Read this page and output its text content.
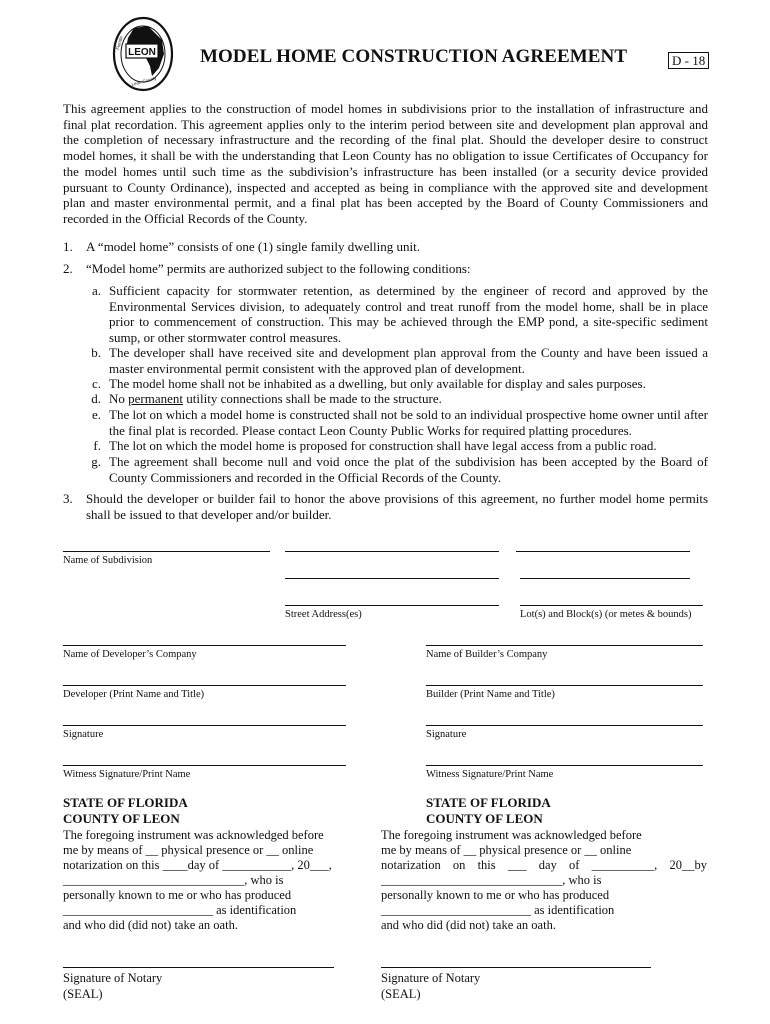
LEON
Florida
Leon County
MODEL HOME CONSTRUCTION AGREEMENT	D - 18

This agreement applies to the construction of model homes in subdivisions prior to the installation of infrastructure and final plat recordation. This agreement applies only to the interim period between site and development plan approval and the completion of necessary infrastructure and the recording of the final plat. Should the developer desire to construct model homes, it shall be with the understanding that Leon County has no obligation to issue Certificates of Occupancy for the model homes until such time as the subdivision’s infrastructure has been installed (or a security device provided pursuant to County Ordinance), inspected and accepted as being in compliance with the approved site and development plan and master environmental permit, and a final plat has been accepted by the Board of County Commissioners and recorded in the Official Records of the County.

1. A “model home” consists of one (1) single family dwelling unit.
2. “Model home” permits are authorized subject to the following conditions:
a. Sufficient capacity for stormwater retention, as determined by the engineer of record and approved by the Environmental Services division, to adequately control and treat runoff from the model home, shall be in place prior to commencement of construction. This may be achieved through the EMP pond, a site-specific sediment sump, or other stormwater control measures.
b. The developer shall have received site and development plan approval from the County and have been issued a master environmental permit consistent with the approved plan of development.
c. The model home shall not be inhabited as a dwelling, but only available for display and sales purposes.
d. No permanent utility connections shall be made to the structure.
e. The lot on which a model home is constructed shall not be sold to an individual prospective home owner until after the final plat is recorded. Please contact Leon County Public Works for required platting procedures.
f. The lot on which the model home is proposed for construction shall have legal access from a public road.
g. The agreement shall become null and void once the plat of the subdivision has been accepted by the Board of County Commissioners and recorded in the Official Records of the County.
3. Should the developer or builder fail to honor the above provisions of this agreement, no further model home permits shall be issued to that developer and/or builder.
Name of Subdivision
Street Address(es)	Lot(s) and Block(s) (or metes & bounds)
Name of Developer’s Company	Name of Builder’s Company
Developer (Print Name and Title)	Builder (Print Name and Title)
Signature	Signature
Witness Signature/Print Name	Witness Signature/Print Name
STATE OF FLORIDA
COUNTY OF LEON
STATE OF FLORIDA
COUNTY OF LEON
The foregoing instrument was acknowledged before
me by means of __ physical presence or __ online
notarization on this ____day of ___________, 20___,
_____________________________, who is
personally known to me or who has produced
________________________ as identification
and who did (did not) take an oath.
The foregoing instrument was acknowledged before
me by means of __ physical presence or __ online
notarization on this ___ day of __________, 20__by
_____________________________, who is
personally known to me or who has produced
________________________ as identification
and who did (did not) take an oath.
Signature of Notary
(SEAL)
Signature of Notary
(SEAL)
